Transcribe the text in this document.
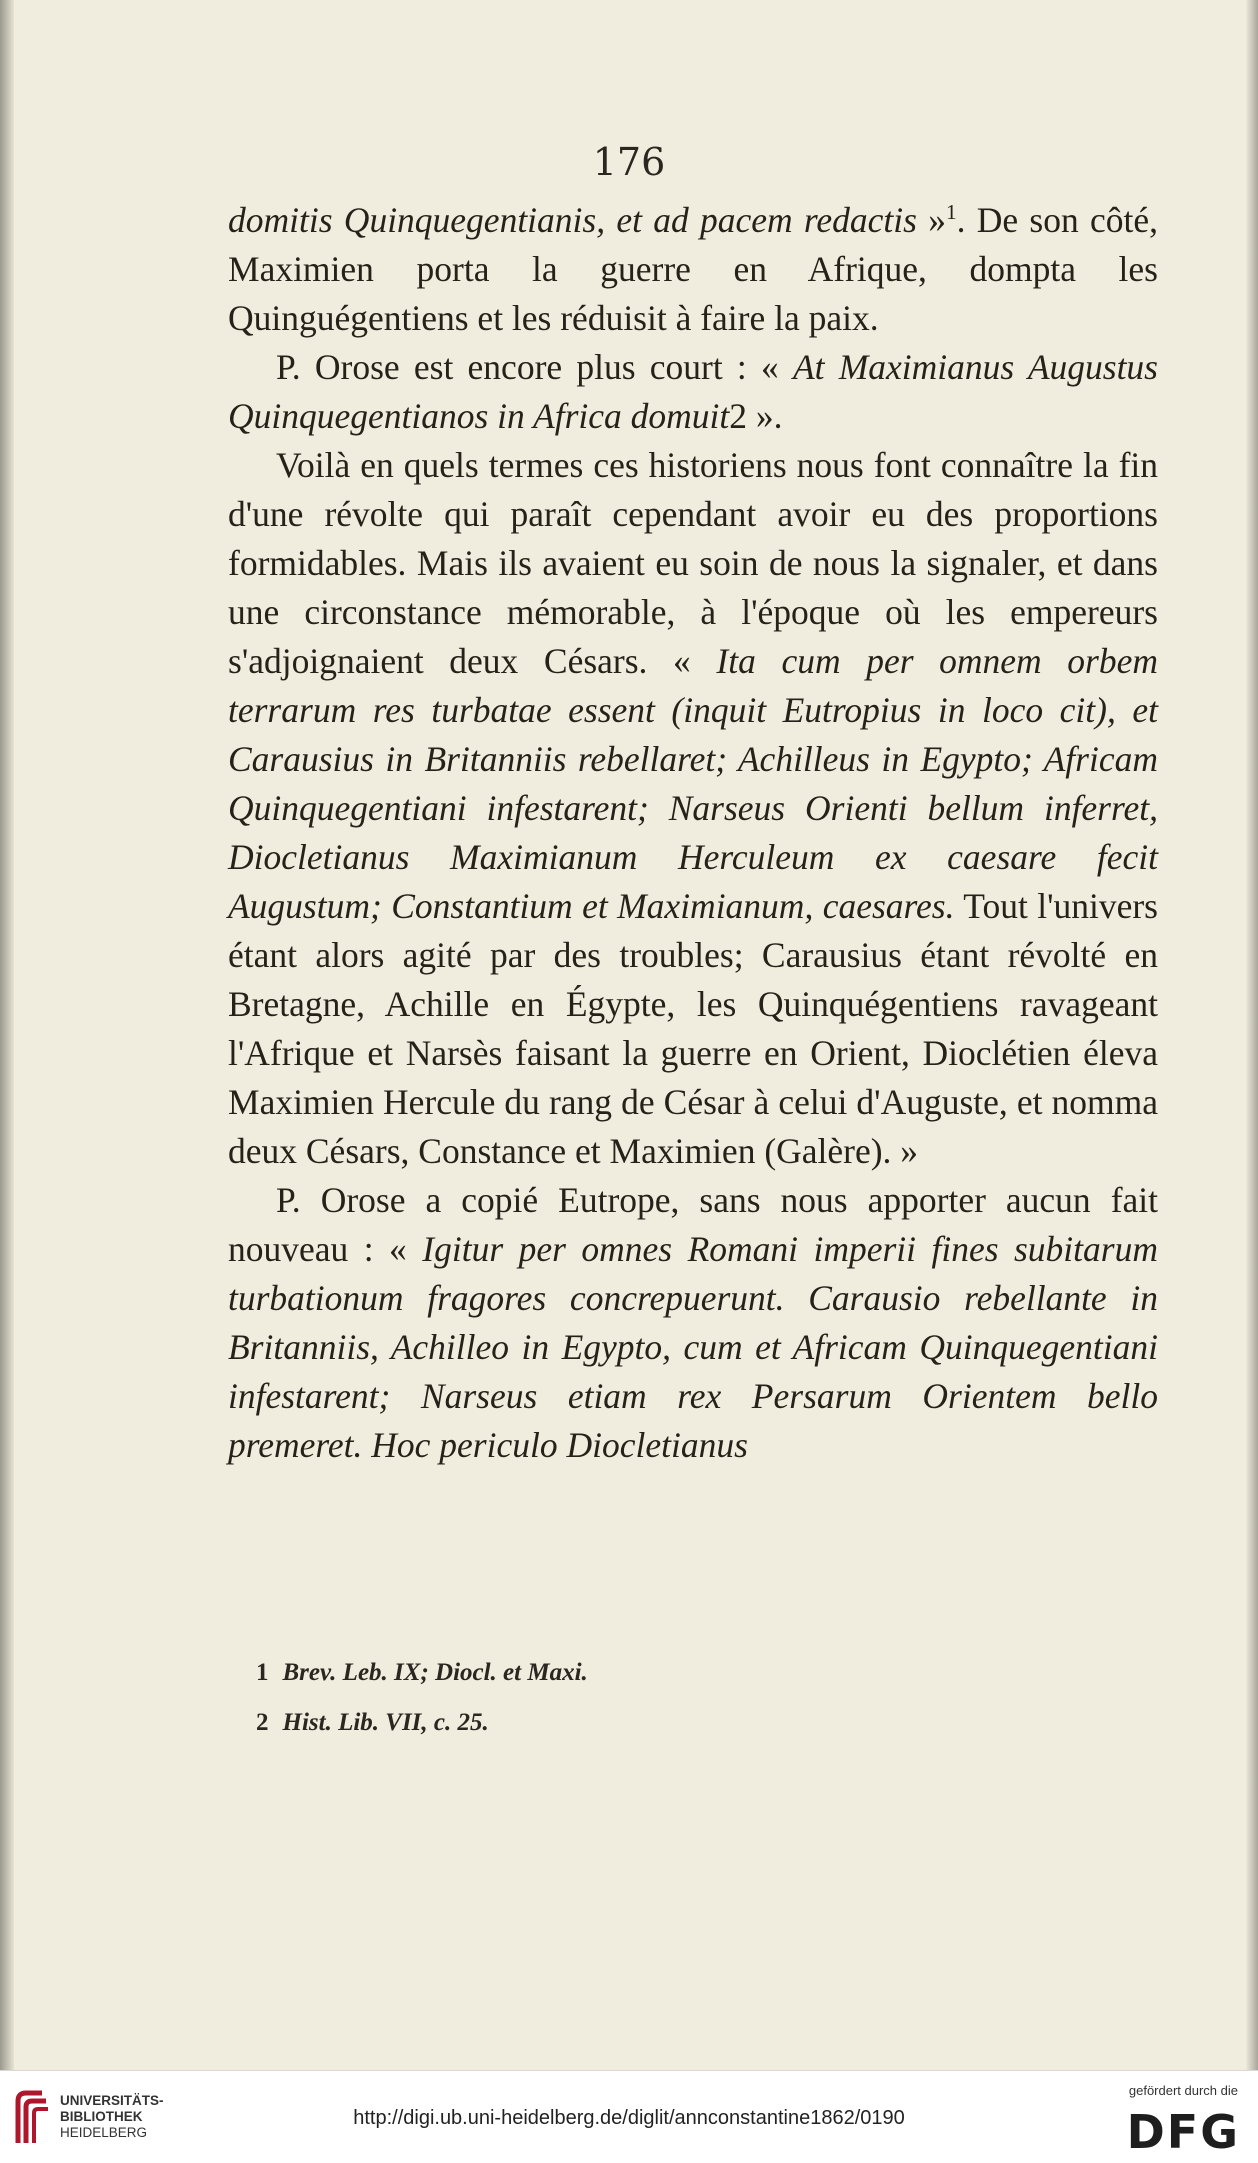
176

domitis Quinquegentianis, et ad pacem redactis »$^1$. De son côté, Maximien porta la guerre en Afrique, dompta les Quinguégentiens et les réduisit à faire la paix.

P. Orose est encore plus court : « At Maximianus Augustus Quinquegentianos in Africa domuit2 ».

Voilà en quels termes ces historiens nous font connaître la fin d'une révolte qui paraît cependant avoir eu des proportions formidables. Mais ils avaient eu soin de nous la signaler, et dans une circonstance mémorable, à l'époque où les empereurs s'adjoignaient deux Césars. « Ita cum per omnem orbem terrarum res turbatae essent (inquit Eutropius in loco cit), et Carausius in Britanniis rebellaret; Achilleus in Egypto; Africam Quinquegentiani infestarent; Narseus Orienti bellum inferret, Diocletianus Maximianum Herculeum ex caesare fecit Augustum; Constantium et Maximianum, caesares. Tout l'univers étant alors agité par des troubles; Carausius étant révolté en Bretagne, Achille en Égypte, les Quinquégentiens ravageant l'Afrique et Narsès faisant la guerre en Orient, Dioclétien éleva Maximien Hercule du rang de César à celui d'Auguste, et nomma deux Césars, Constance et Maximien (Galère). »

P. Orose a copié Eutrope, sans nous apporter aucun fait nouveau : « Igitur per omnes Romani imperii fines subitarum turbationum fragores concrepuerunt. Carausio rebellante in Britanniis, Achilleo in Egypto, cum et Africam Quinquegentiani infestarent; Narseus etiam rex Persarum Orientem bello premeret. Hoc periculo Diocletianus

1 Brev. Leb. IX; Diocl. et Maxi.
2 Hist. Lib. VII, c. 25.
UNIVERSITÄTS-
BIBLIOTHEK
HEIDELBERG
http://digi.ub.uni-heidelberg.de/diglit/annconstantine1862/0190
gefördert durch die
DFG
